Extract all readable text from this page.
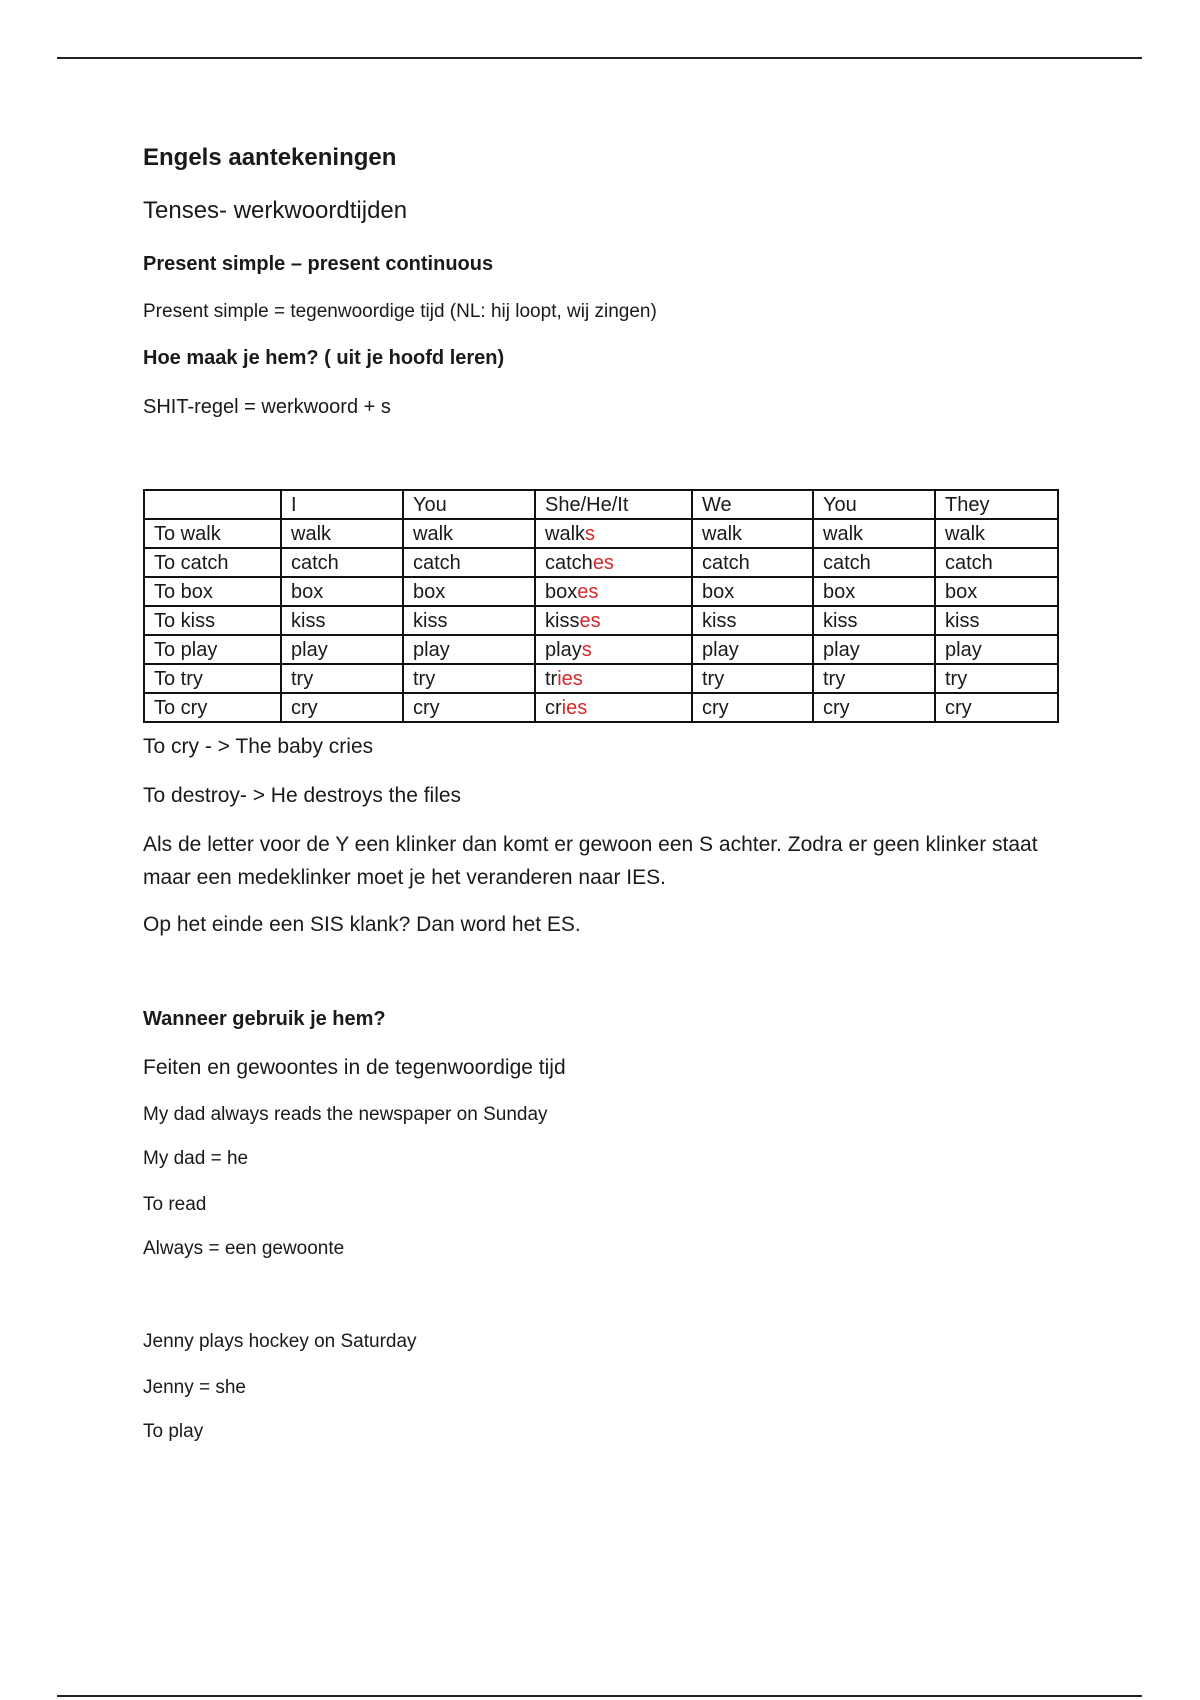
Engels aantekeningen
Tenses- werkwoordtijden
Present simple – present continuous
Present simple = tegenwoordige tijd (NL: hij loopt, wij zingen)
Hoe maak je hem? ( uit je hoofd leren)
SHIT-regel = werkwoord + s
	I	You	She/He/It	We	You	They
To walk	walk	walk	walks	walk	walk	walk
To catch	catch	catch	catches	catch	catch	catch
To box	box	box	boxes	box	box	box
To kiss	kiss	kiss	kisses	kiss	kiss	kiss
To play	play	play	plays	play	play	play
To try	try	try	tries	try	try	try
To cry	cry	cry	cries	cry	cry	cry
To cry - > The baby cries
To destroy- > He destroys the files
Als de letter voor de Y een klinker dan komt er gewoon een S achter. Zodra er geen klinker staat maar een medeklinker moet je het veranderen naar IES.
Op het einde een SIS klank? Dan word het ES.
Wanneer gebruik je hem?
Feiten en gewoontes in de tegenwoordige tijd
My dad always reads the newspaper on Sunday
My dad = he
To read
Always = een gewoonte
Jenny plays hockey on Saturday
Jenny = she
To play
